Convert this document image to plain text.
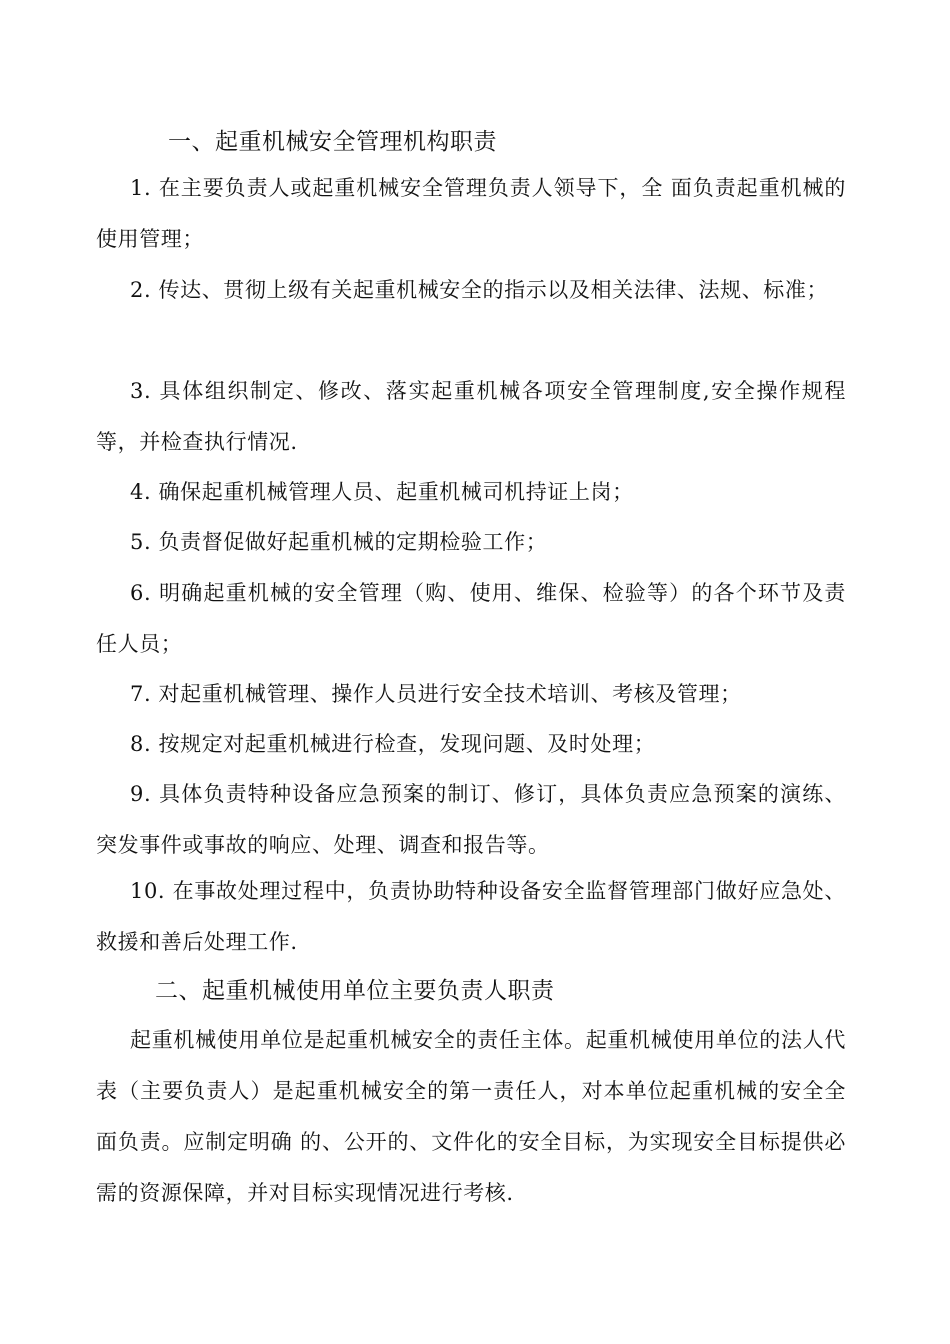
一、起重机械安全管理机构职责

1. 在主要负责人或起重机械安全管理负责人领导下，全 面负责起重机械的使用管理；

2. 传达、贯彻上级有关起重机械安全的指示以及相关法律、法规、标准；

3. 具体组织制定、修改、落实起重机械各项安全管理制度,安全操作规程等，并检查执行情况.

4. 确保起重机械管理人员、起重机械司机持证上岗；

5. 负责督促做好起重机械的定期检验工作；

6. 明确起重机械的安全管理（购、使用、维保、检验等）的各个环节及责任人员；

7. 对起重机械管理、操作人员进行安全技术培训、考核及管理；

8. 按规定对起重机械进行检查，发现问题、及时处理；

9. 具体负责特种设备应急预案的制订、修订，具体负责应急预案的演练、突发事件或事故的响应、处理、调查和报告等。

10. 在事故处理过程中，负责协助特种设备安全监督管理部门做好应急处、救援和善后处理工作.

二、起重机械使用单位主要负责人职责

起重机械使用单位是起重机械安全的责任主体。起重机械使用单位的法人代表（主要负责人）是起重机械安全的第一责任人，对本单位起重机械的安全全面负责。应制定明确 的、公开的、文件化的安全目标，为实现安全目标提供必需的资源保障，并对目标实现情况进行考核.
